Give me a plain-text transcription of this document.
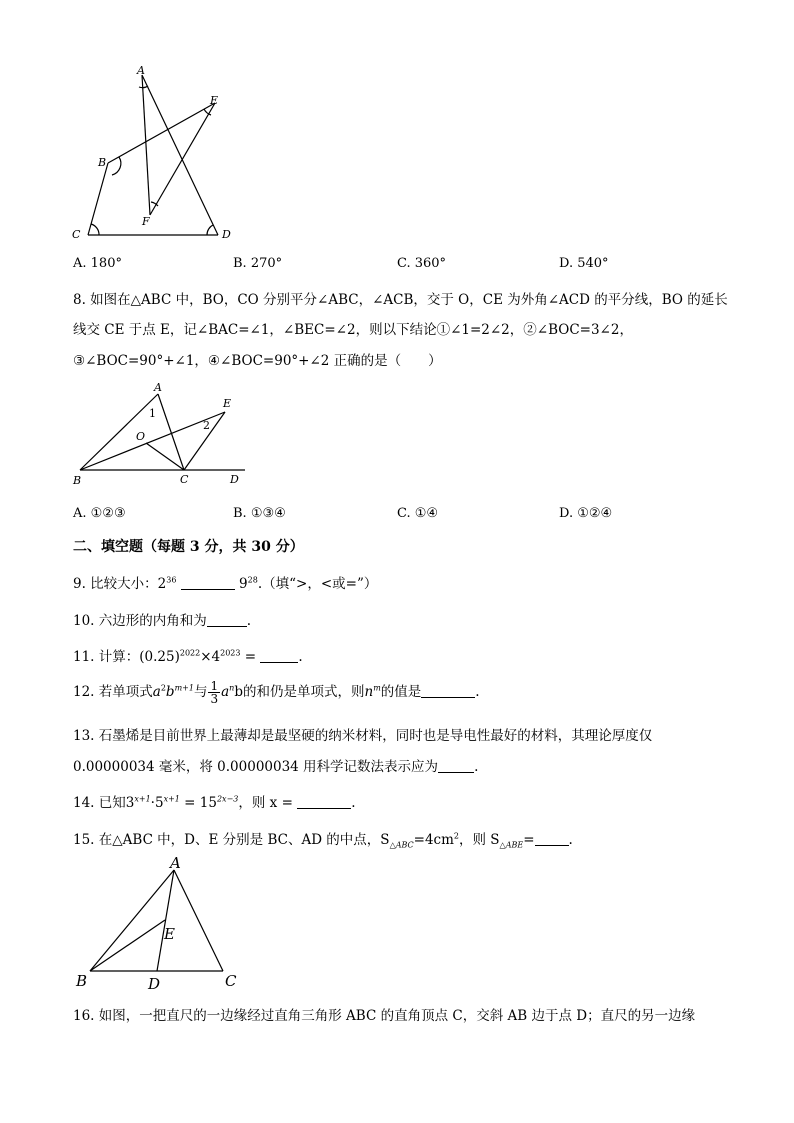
A
E
B
F
C	D
A. 180°	B. 270°	C. 360°	D. 540°
8. 如图在△ABC 中，BO，CO 分别平分∠ABC，∠ACB，交于 O，CE 为外角∠ACD 的平分线，BO 的延长
线交 CE 于点 E，记∠BAC=∠1，∠BEC=∠2，则以下结论①∠1=2∠2，②∠BOC=3∠2，
③∠BOC=90°+∠1，④∠BOC=90°+∠2 正确的是（　　）
A
E
1
2
O
B	C	D
A. ①②③	B. ①③④	C. ①④	D. ①②④
二、填空题（每题 3 分，共 30 分）
9. 比较大小：$2^{36}$	$9^{28}$.（填“>，<或=”）
10. 六边形的内角和为	.
11. 计算：$(0.25)^{2022}\times 4^{2023}$ =	.
12. 若单项式$a^2b^{m+1}$与 $\frac{1}{3} a^nb$的和仍是单项式，则$n^m$的值是	.
13. 石墨烯是目前世界上最薄却是最坚硬的纳米材料，同时也是导电性最好的材料，其理论厚度仅
0.00000034 毫米，将 0.00000034 用科学记数法表示应为	.
14. 已知$3^{x+1}\cdot 5^{x+1} = 15^{2x-3}$，则 x =	.
15. 在△ABC 中，D、E 分别是 BC、AD 的中点，$S_{\triangle ABC}=4cm^2$，则 $S_{\triangle ABE}=$	.
A
E
B	D	C
16. 如图，一把直尺的一边缘经过直角三角形 ABC 的直角顶点 C，交斜 AB 边于点 D；直尺的另一边缘
